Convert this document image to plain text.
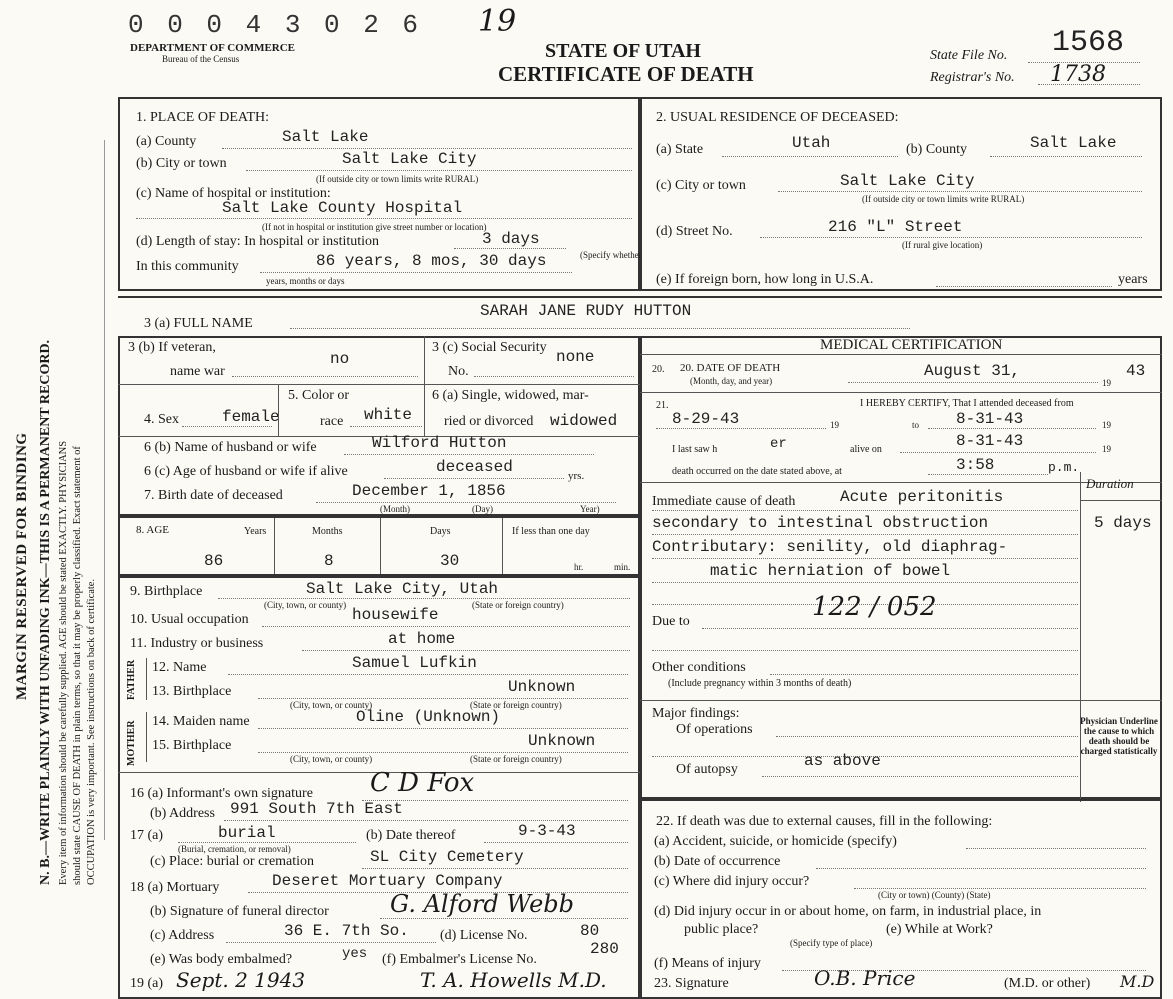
MARGIN RESERVED FOR BINDING N. B.—WRITE PLAINLY WITH UNFADING INK—THIS IS A PERMANENT RECORD. Every item of information should be carefully supplied. AGE should be stated EXACTLY. PHYSICIANS should state CAUSE OF DEATH in plain terms, so that it may be properly classified. Exact statement of OCCUPATION is very important. See instructions on back of certificate.
0 0 0 4 3 0 2 6 19
DEPARTMENT OF COMMERCE
Bureau of the Census	STATE OF UTAH
CERTIFICATE OF DEATH
State File No. 1568
Registrar's No. 1738
1. PLACE OF DEATH:
(a) County	Salt Lake
(b) City or town	Salt Lake City
(If outside city or town limits write RURAL)
(c) Name of hospital or institution:
Salt Lake County Hospital
(If not in hospital or institution give street number or location)
(d) Length of stay: In hospital or institution	3 days
(Specify whether
In this community	86 years, 8 mos, 30 days
years, months or days
2. USUAL RESIDENCE OF DECEASED:
(a) State	Utah	(b) County	Salt Lake
(c) City or town	Salt Lake City
(If outside city or town limits write RURAL)
(d) Street No.	216 "L" Street
(If rural give location)
(e) If foreign born, how long in U.S.A.	years
3 (a) FULL NAME
SARAH JANE RUDY HUTTON
3 (b) If veteran,
name war
no
3 (c) Social Security
No.
none
4. Sex	female
5. Color or
race white
6 (a) Single, widowed, mar-
ried or divorced widowed
6 (b) Name of husband or wife	Wilford Hutton
6 (c) Age of husband or wife if alive	deceased	yrs.
7. Birth date of deceased	December 1, 1856
(Month)	(Day)	Year)
8. AGE	Years	Months	Days	If less than one day
86	8	30	hr.	min.
9. Birthplace	Salt Lake City, Utah
(City, town, or county)	(State or foreign country)
10. Usual occupation	housewife
11. Industry or business	at home
FATHER 12. Name	Samuel Lufkin
13. Birthplace	Unknown
(City, town, or county)	(State or foreign country)
MOTHER 14. Maiden name	Oline (Unknown)
15. Birthplace	Unknown
(City, town, or county)	(State or foreign country)
16 (a) Informant's own signature C D Fox
(b) Address 991 South 7th East
17 (a)	burial
(Burial, cremation, or removal)
(b) Date thereof	9-3-43
(c) Place: burial or cremation	SL City Cemetery
18 (a) Mortuary	Deseret Mortuary Company
(b) Signature of funeral director	G. Alford Webb
(c) Address	36 E. 7th So. (d) License No.	80
(e) Was body embalmed?	yes (f) Embalmer's License No.
280
19 (a) Sept. 2 1943	T. A. Howells M.D.
MEDICAL CERTIFICATION
20. DATE OF DEATH
(Month, day, and year)
20.	August 31,	43
19
21.	I HEREBY CERTIFY, That I attended deceased from
8-29-43	19	to 8-31-43	19
I last saw h	er	alive on	8-31-43	19
death occurred on the date stated above, at	3:58	p.m.
Duration
Immediate cause of death	Acute peritonitis
secondary to intestinal obstruction	5 days
Contributary: senility, old diaphrag-
matic herniation of bowel
Due to	122 / 052
Other conditions
(Include pregnancy within 3 months of death)
Major findings:
Of operations
Of autopsy	as above
Physician Underline the cause to which death should be charged statistically
22. If death was due to external causes, fill in the following:
(a) Accident, suicide, or homicide (specify)
(b) Date of occurrence
(c) Where did injury occur?
(City or town) (County) (State)
(d) Did injury occur in or about home, on farm, in industrial place, in
public place?	(e) While at Work?
(Specify type of place)
(f) Means of injury
23. Signature	O.B. Price	(M.D. or other) M.D
